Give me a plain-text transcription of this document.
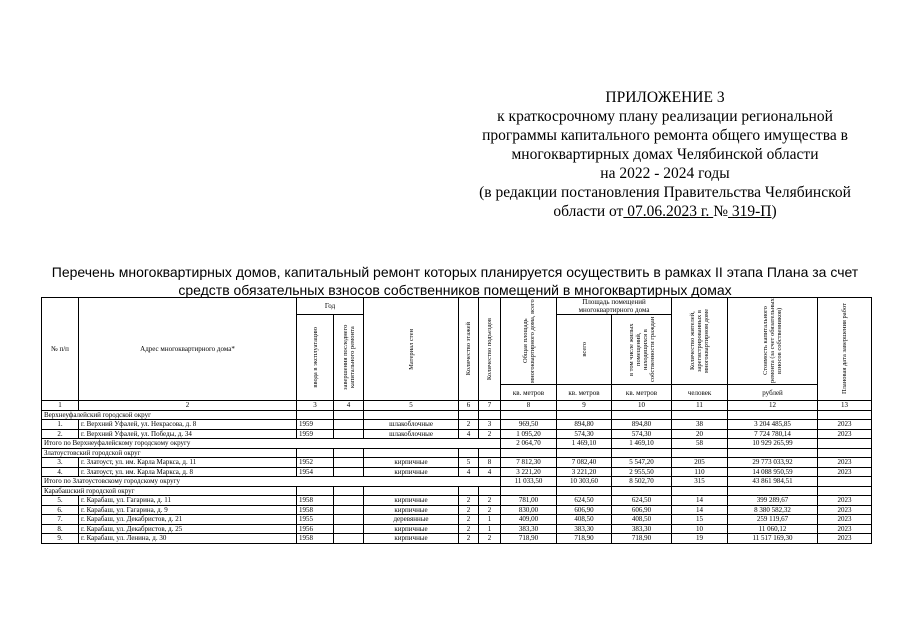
ПРИЛОЖЕНИЕ 3
к краткосрочному плану реализации региональной
программы капитального ремонта общего имущества в
многоквартирных домах Челябинской области
на 2022 - 2024 годы
(в редакции постановления Правительства Челябинской
области от 07.06.2023 г. № 319-П)
Перечень многоквартирных домов, капитальный ремонт которых планируется осуществить в рамках II этапа Плана за счет
средств обязательных взносов собственников помещений в многоквартирных домах
№ п/п	Адрес многоквартирного дома*	Год		Материал стен	Количество этажей	Количество подъездов	Общая площадь многоквартирного дома, всего	Площадь помещений многоквартирного дома		Количество жителей, зарегистрированных в многоквартирном доме	Стоимость капитального ремонта (за счет обязательных взносов собственников)	Плановая дата завершения работ

		ввода в эксплуатацию	завершения последнего капитального ремонта					всего	в том числе жилых помещений, находящихся в собственности граждан			

							кв. метров	кв. метров	кв. метров	человек	рублей	
1	2	3	4	5	6	7	8	9	10	11	12	13
Верхнеуфалейский городской округ												
1.	г. Верхний Уфалей, ул. Некрасова, д. 8	1959		шлакоблочные	2	3	969,50	894,80	894,80	38	3 204 485,85	2023
2.	г. Верхний Уфалей, ул. Победы, д. 34	1959		шлакоблочные	4	2	1 095,20	574,30	574,30	20	7 724 780,14	2023
Итого по Верхнеуфалейскому городскому округу							2 064,70	1 469,10	1 469,10	58	10 929 265,99	
Златоустовский городской округ												
3.	г. Златоуст, ул. им. Карла Маркса, д. 11	1952		кирпичные	5	8	7 812,30	7 082,40	5 547,20	205	29 773 033,92	2023
4.	г. Златоуст, ул. им. Карла Маркса, д. 8	1954		кирпичные	4	4	3 221,20	3 221,20	2 955,50	110	14 088 950,59	2023
Итого по Златоустовскому городскому округу							11 033,50	10 303,60	8 502,70	315	43 861 984,51	
Карабашский городской округ												
5.	г. Карабаш, ул. Гагарина, д. 11	1958		кирпичные	2	2	781,00	624,50	624,50	14	399 289,67	2023
6.	г. Карабаш, ул. Гагарина, д. 9	1958		кирпичные	2	2	830,00	606,90	606,90	14	8 380 582,32	2023
7.	г. Карабаш, ул. Декабристов, д. 21	1955		деревянные	2	1	409,00	408,50	408,50	15	259 119,67	2023
8.	г. Карабаш, ул. Декабристов, д. 25	1956		кирпичные	2	1	383,30	383,30	383,30	10	11 060,12	2023
9.	г. Карабаш, ул. Ленина, д. 30	1958		кирпичные	2	2	718,90	718,90	718,90	19	11 517 169,30	2023
